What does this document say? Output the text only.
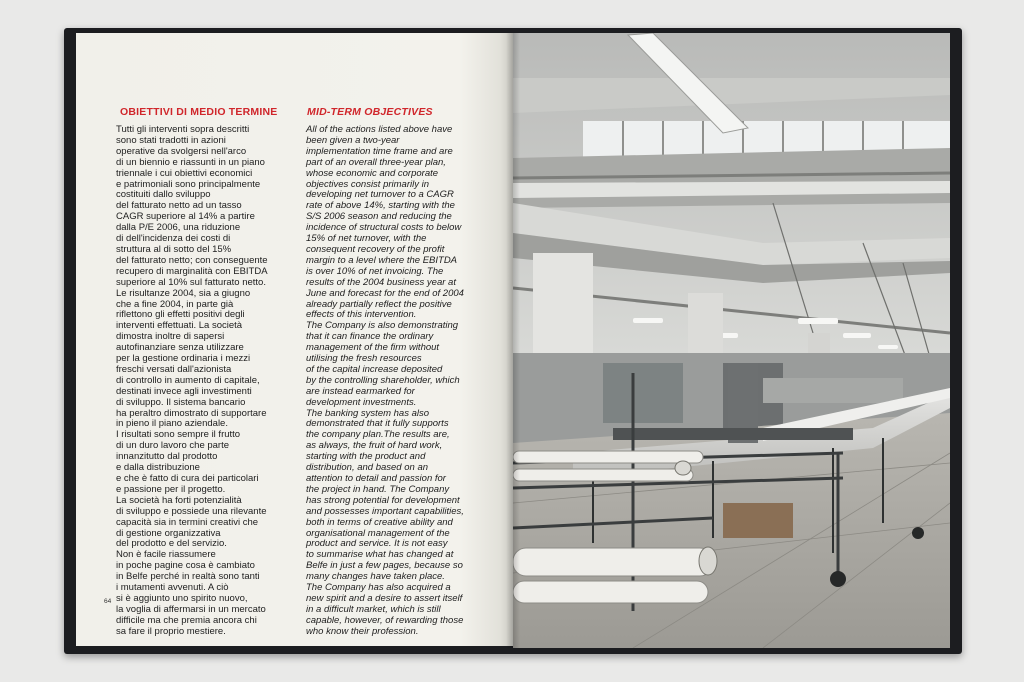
OBIETTIVI DI MEDIO TERMINE

Tutti gli interventi sopra descritti
sono stati tradotti in azioni
operative da svolgersi nell'arco
di un biennio e riassunti in un piano
triennale i cui obiettivi economici
e patrimoniali sono principalmente
costituiti dallo sviluppo
del fatturato netto ad un tasso
CAGR superiore al 14% a partire
dalla P/E 2006, una riduzione
di dell'incidenza dei costi di
struttura al di sotto del 15%
del fatturato netto; con conseguente
recupero di marginalità con EBITDA
superiore al 10% sul fatturato netto.
Le risultanze 2004, sia a giugno
che a fine 2004, in parte già
riflettono gli effetti positivi degli
interventi effettuati. La società
dimostra inoltre di sapersi
autofinanziare senza utilizzare
per la gestione ordinaria i mezzi
freschi versati dall'azionista
di controllo in aumento di capitale,
destinati invece agli investimenti
di sviluppo. Il sistema bancario
ha peraltro dimostrato di supportare
in pieno il piano aziendale.
I risultati sono sempre il frutto
di un duro lavoro che parte
innanzitutto dal prodotto
e dalla distribuzione
e che è fatto di cura dei particolari
e passione per il progetto.
La società ha forti potenzialità
di sviluppo e possiede una rilevante
capacità sia in termini creativi che
di gestione organizzativa
del prodotto e del servizio.
Non è facile riassumere
in poche pagine cosa è cambiato
in Belfe perché in realtà sono tanti
i mutamenti avvenuti. A ciò
si è aggiunto uno spirito nuovo,
la voglia di affermarsi in un mercato
difficile ma che premia ancora chi
sa fare il proprio mestiere.

MID-TERM OBJECTIVES

All of the actions listed above have
been given a two-year
implementation time frame and are
part of an overall three-year plan,
whose economic and corporate
objectives consist primarily in
developing net turnover to a CAGR
rate of above 14%, starting with the
S/S 2006 season and reducing the
incidence of structural costs to below
15% of net turnover, with the
consequent recovery of the profit
margin to a level where the EBITDA
is over 10% of net invoicing. The
results of the 2004 business year at
June and forecast for the end of 2004
already partially reflect the positive
effects of this intervention.
The Company is also demonstrating
that it can finance the ordinary
management of the firm without
utilising the fresh resources
of the capital increase deposited
by the controlling shareholder, which
are instead earmarked for
development investments.
The banking system has also
demonstrated that it fully supports
the company plan.The results are,
as always, the fruit of hard work,
starting with the product and
distribution, and based on an
attention to detail and passion for
the project in hand. The Company
has strong potential for development
and possesses important capabilities,
both in terms of creative ability and
organisational management of the
product and service. It is not easy
to summarise what has changed at
Belfe in just a few pages, because so
many changes have taken place.
The Company has also acquired a
new spirit and a desire to assert itself
in a difficult market, which is still
capable, however, of rewarding those
who know their profession.

64
